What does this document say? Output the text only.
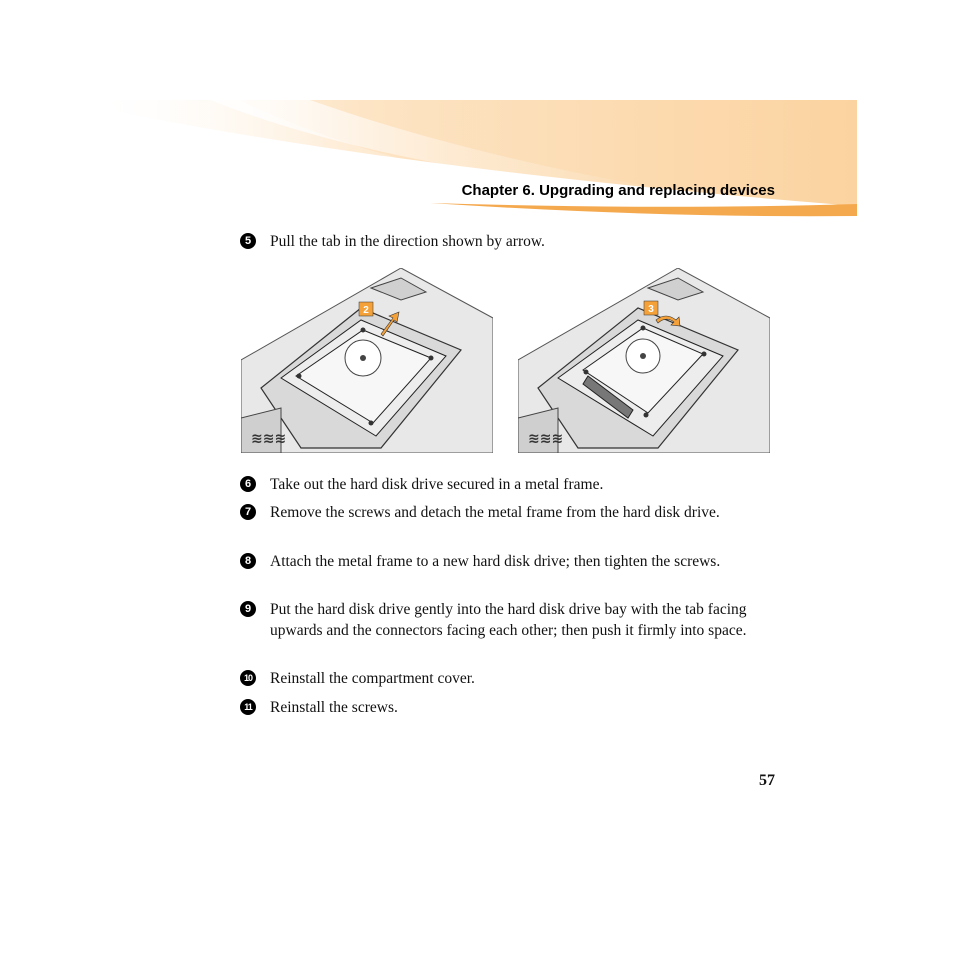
Chapter 6. Upgrading and replacing devices
5	Pull the tab in the direction shown by arrow.
≋≋≋
2
≋≋≋
3
6	Take out the hard disk drive secured in a metal frame.
7	Remove the screws and detach the metal frame from the hard disk drive.
8	Attach the metal frame to a new hard disk drive; then tighten the screws.
9	Put the hard disk drive gently into the hard disk drive bay with the tab facing upwards and the connectors facing each other; then push it firmly into space.
10 Reinstall the compartment cover.
11 Reinstall the screws.
57
